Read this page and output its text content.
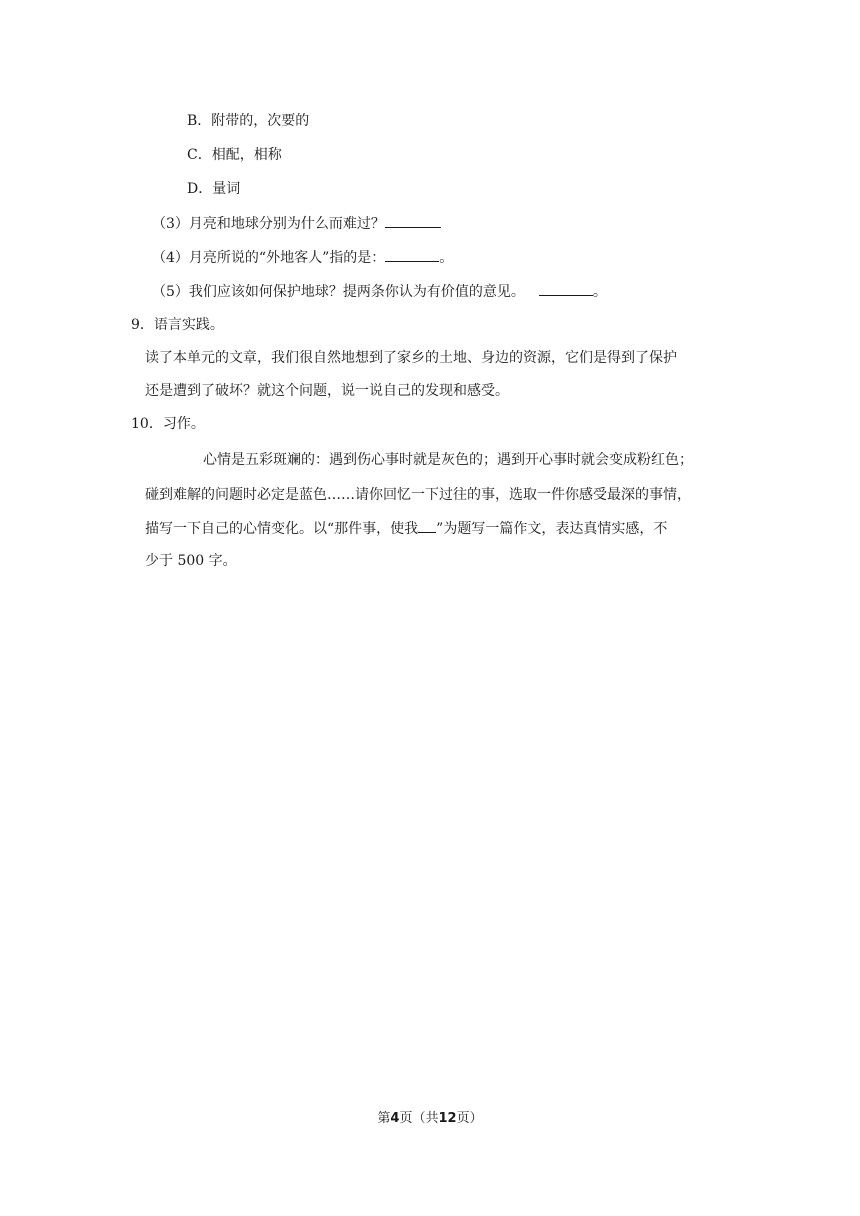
B．附带的，次要的
C．相配，相称
D．量词
（3）月亮和地球分别为什么而难过？
（4）月亮所说的“外地客人”指的是：	。
（5）我们应该如何保护地球？提两条你认为有价值的意见。	。
9．语言实践。
读了本单元的文章，我们很自然地想到了家乡的土地、身边的资源，它们是得到了保护
还是遭到了破坏？就这个问题，说一说自己的发现和感受。
10．习作。
心情是五彩斑斓的：遇到伤心事时就是灰色的；遇到开心事时就会变成粉红色；
碰到难解的问题时必定是蓝色……请你回忆一下过往的事，选取一件你感受最深的事情，
描写一下自己的心情变化。以“那件事，使我 ”为题写一篇作文，表达真情实感，不
少于 500 字。
第4页（共12页）
